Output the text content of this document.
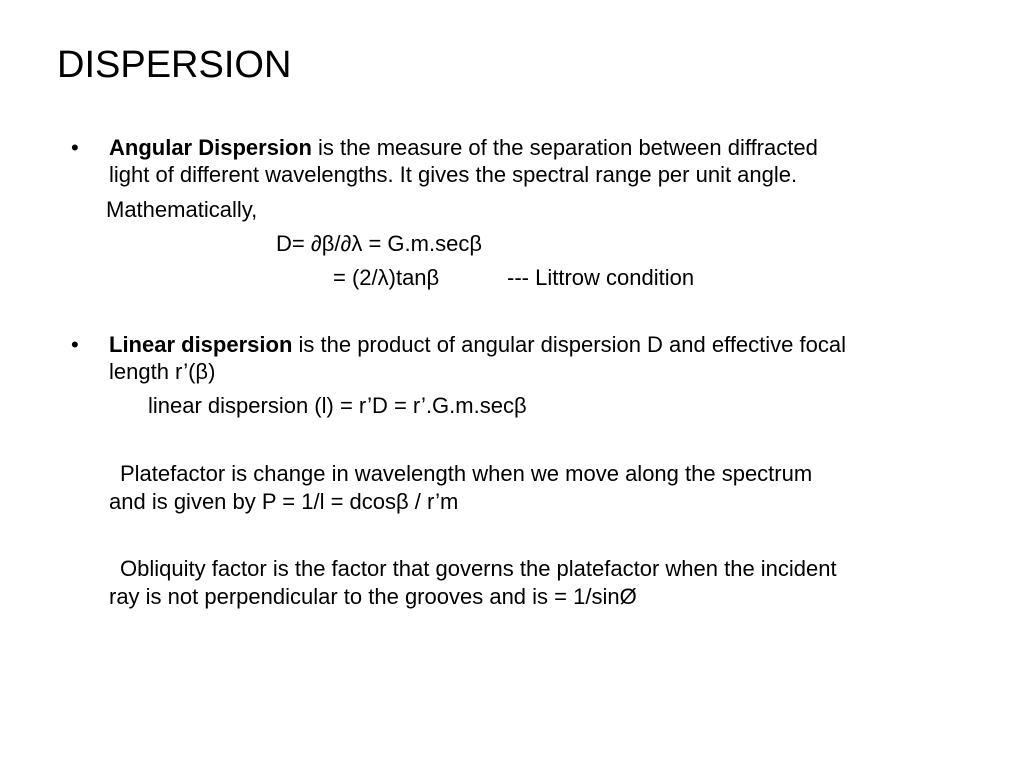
DISPERSION
• Angular Dispersion is the measure of the separation between diffracted
light of different wavelengths. It gives the spectral range per unit angle.
Mathematically,
D= ∂β/∂λ = G.m.secβ
= (2/λ)tanβ	--- Littrow condition
• Linear dispersion is the product of angular dispersion D and effective focal
length r’(β)
linear dispersion (l) = r’D = r’.G.m.secβ
Platefactor is change in wavelength when we move along the spectrum
and is given by P = 1/l = dcosβ / r’m
Obliquity factor is the factor that governs the platefactor when the incident
ray is not perpendicular to the grooves and is = 1/sinØ
